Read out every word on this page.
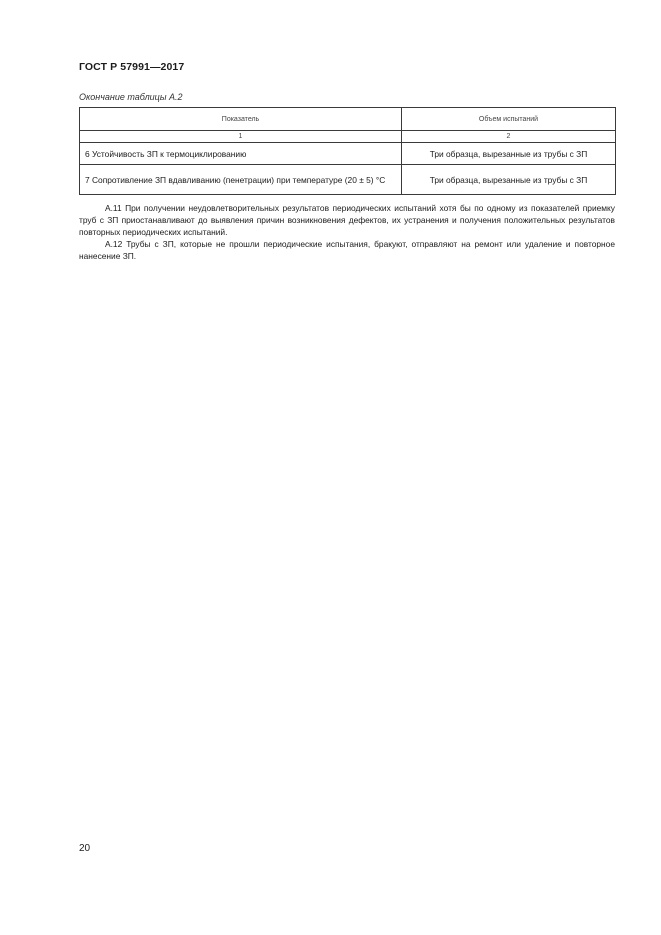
ГОСТ Р 57991—2017
Окончание таблицы А.2
Показатель	Объем испытаний
1	2
6 Устойчивость ЗП к термоциклированию	Три образца, вырезанные из трубы с ЗП
7 Сопротивление ЗП вдавливанию (пенетрации) при температуре (20 ± 5) °С	Три образца, вырезанные из трубы с ЗП
А.11 При получении неудовлетворительных результатов периодических испытаний хотя бы по одному из показателей приемку труб с ЗП приостанавливают до выявления причин возникновения дефектов, их устранения и получения положительных результатов повторных периодических испытаний.
А.12 Трубы с ЗП, которые не прошли периодические испытания, бракуют, отправляют на ремонт или удаление и повторное нанесение ЗП.
20
